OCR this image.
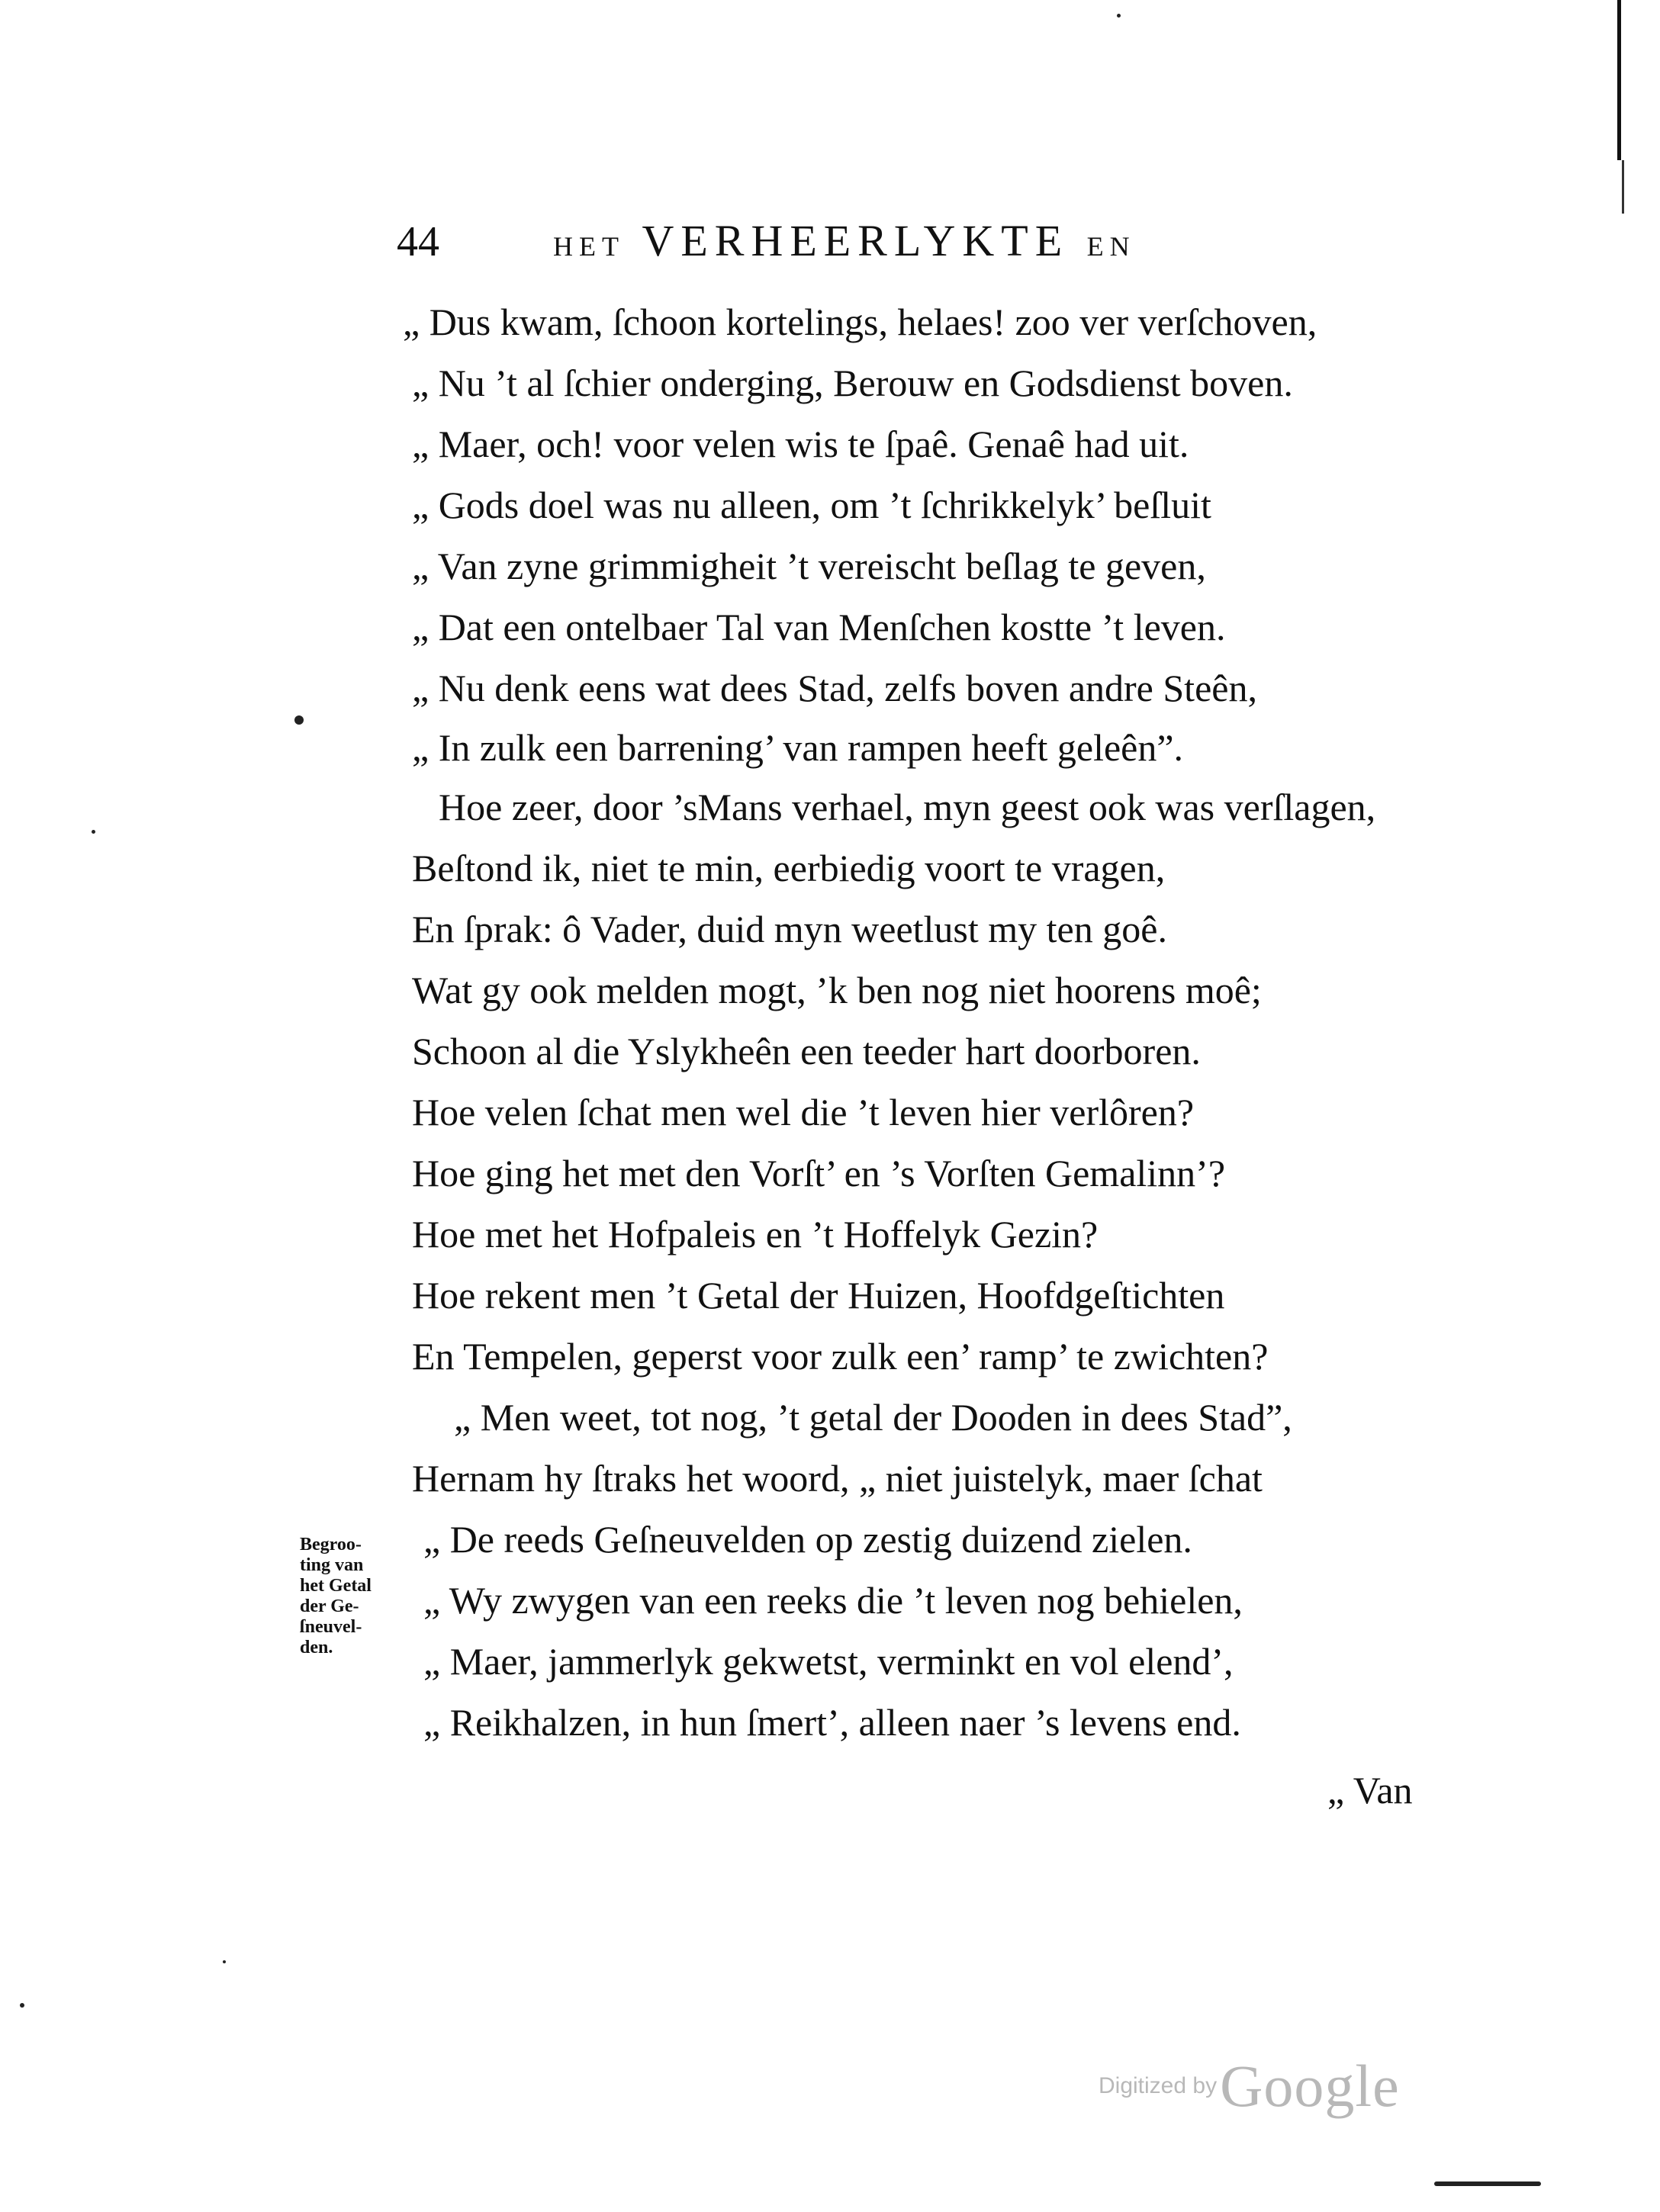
44	HET VERHEERLYKTE EN
„ Dus kwam, ſchoon kortelings, helaes! zoo ver verſchoven,
„ Nu ’t al ſchier onderging, Berouw en Godsdienst boven.
„ Maer, och! voor velen wis te ſpaê. Genaê had uit.
„ Gods doel was nu alleen, om ’t ſchrikkelyk’ beſluit
„ Van zyne grimmigheit ’t vereischt beſlag te geven,
„ Dat een ontelbaer Tal van Menſchen kostte ’t leven.
„ Nu denk eens wat dees Stad, zelfs boven andre Steên,
„ In zulk een barrening’ van rampen heeft geleên”.
Hoe zeer, door ’sMans verhael, myn geest ook was verſlagen,
Beſtond ik, niet te min, eerbiedig voort te vragen,
En ſprak: ô Vader, duid myn weetlust my ten goê.
Wat gy ook melden mogt, ’k ben nog niet hoorens moê;
Schoon al die Yslykheên een teeder hart doorboren.
Hoe velen ſchat men wel die ’t leven hier verlôren?
Hoe ging het met den Vorſt’ en ’s Vorſten Gemalinn’?
Hoe met het Hofpaleis en ’t Hoffelyk Gezin?
Hoe rekent men ’t Getal der Huizen, Hoofdgeſtichten
En Tempelen, geperst voor zulk een’ ramp’ te zwichten?
„ Men weet, tot nog, ’t getal der Dooden in dees Stad”,
Hernam hy ſtraks het woord, „ niet juistelyk, maer ſchat
„ De reeds Geſneuvelden op zestig duizend zielen.
„ Wy zwygen van een reeks die ’t leven nog behielen,
„ Maer, jammerlyk gekwetst, verminkt en vol elend’,
„ Reikhalzen, in hun ſmert’, alleen naer ’s levens end.
Begroo-
ting van
het Getal
der Ge-
ſneuvel-
den.
„ Van
Digitized by Google
